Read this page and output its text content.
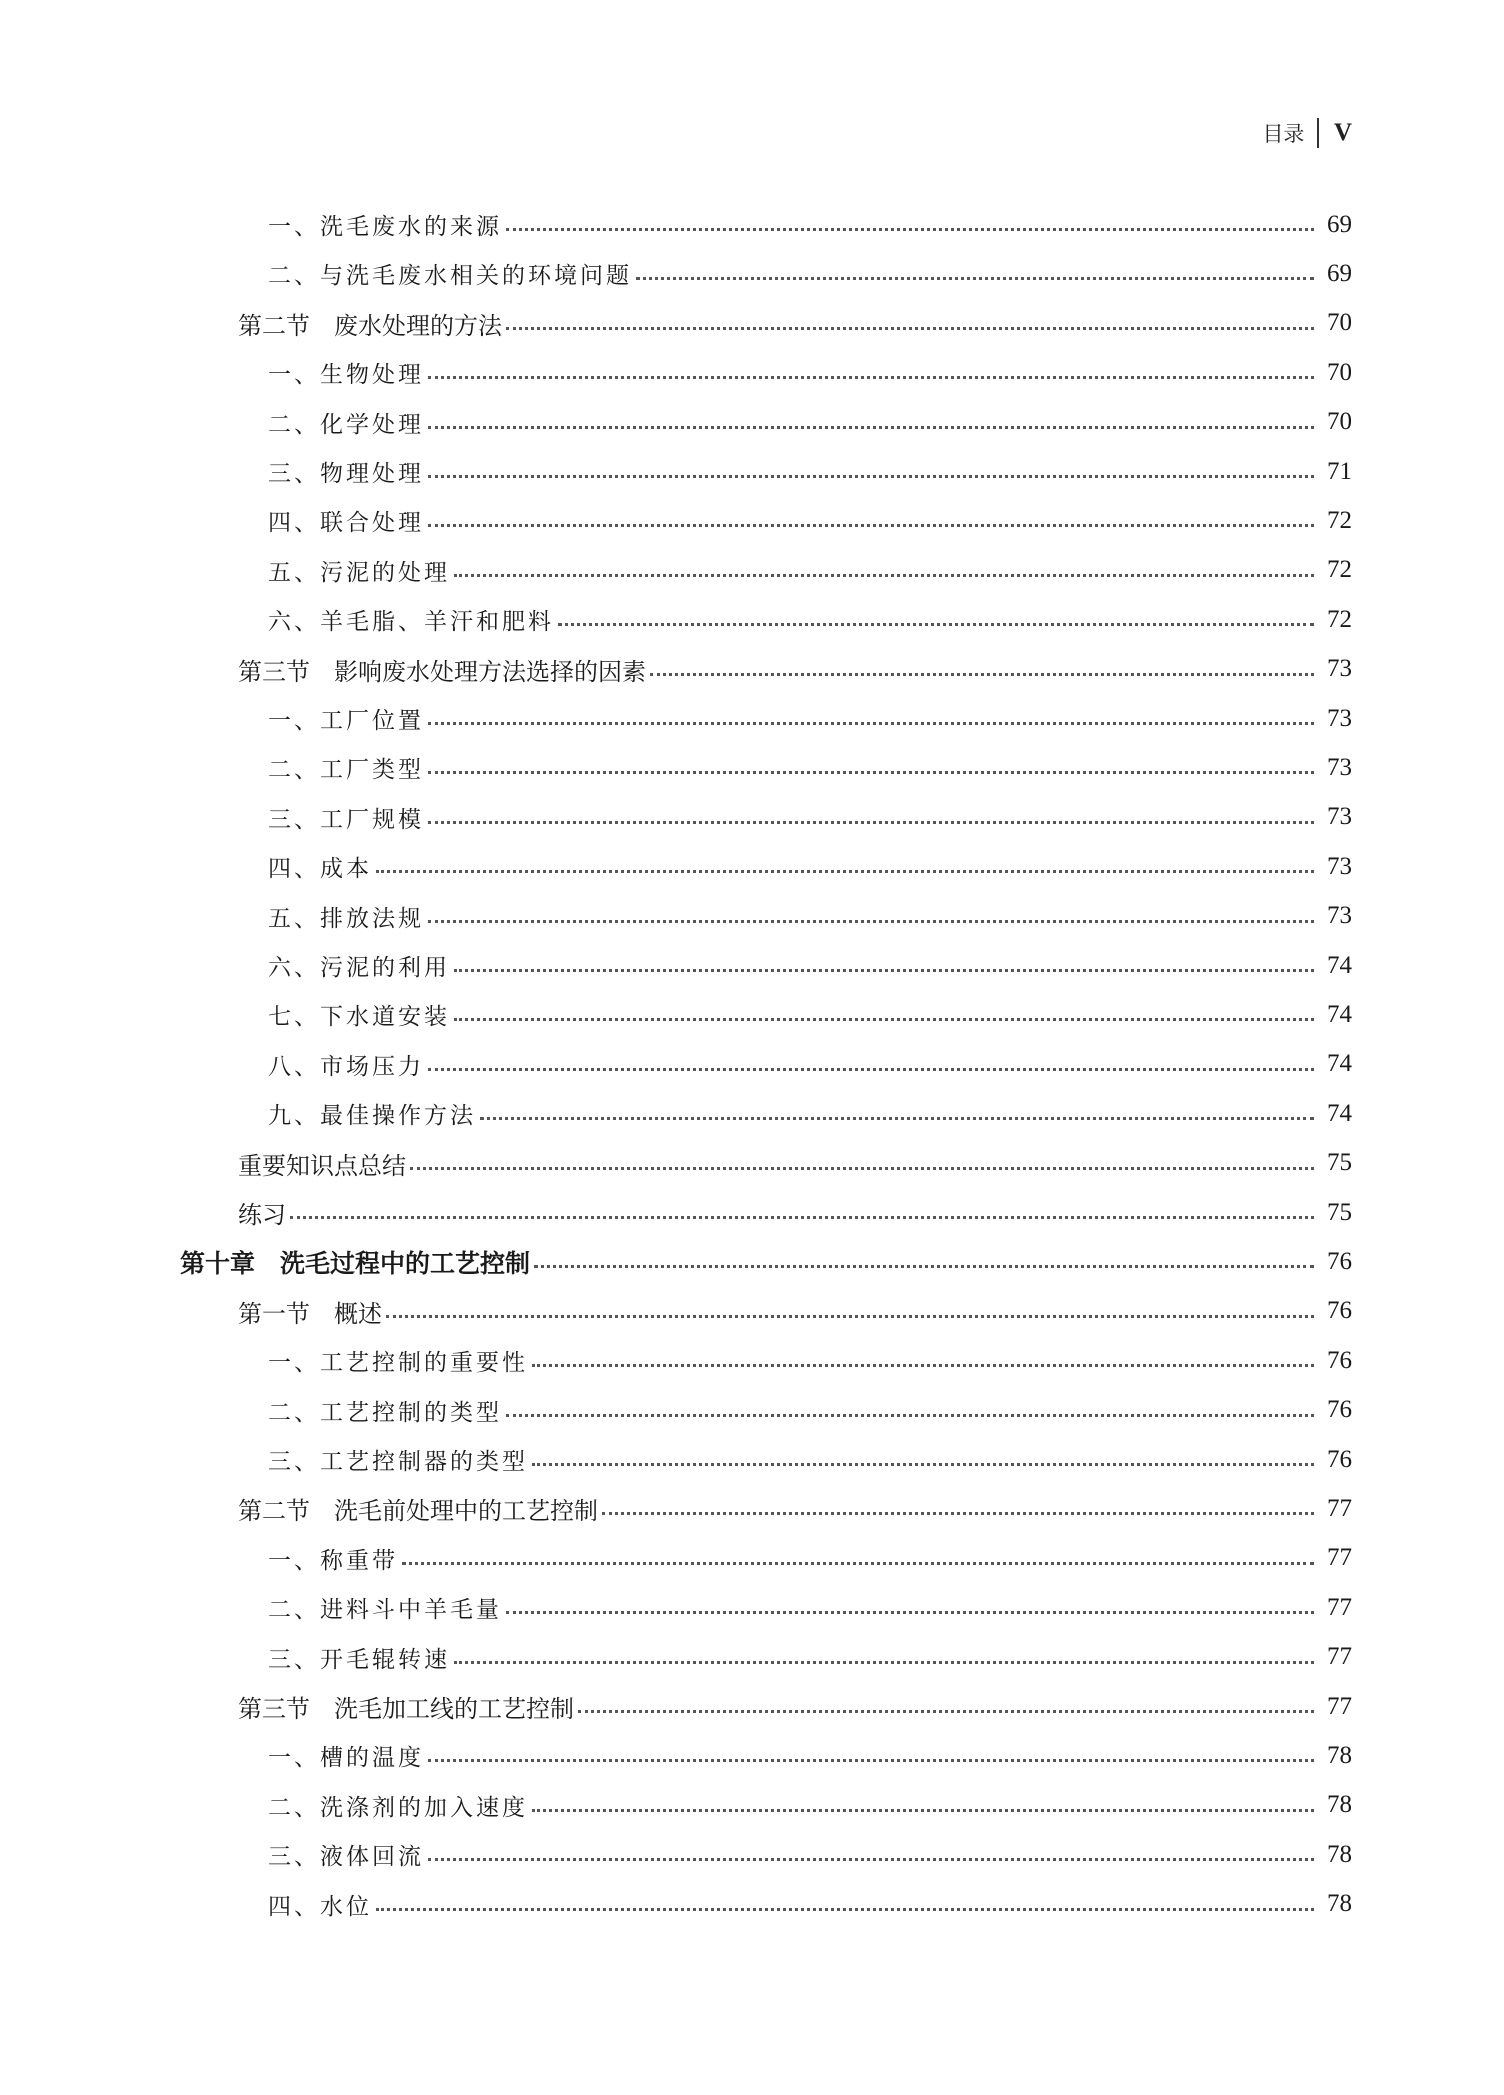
目录 V
一、洗毛废水的来源	69
二、与洗毛废水相关的环境问题	69
第二节　废水处理的方法	70
一、生物处理	70
二、化学处理	70
三、物理处理	71
四、联合处理	72
五、污泥的处理	72
六、羊毛脂、羊汗和肥料	72
第三节　影响废水处理方法选择的因素	73
一、工厂位置	73
二、工厂类型	73
三、工厂规模	73
四、成本	73
五、排放法规	73
六、污泥的利用	74
七、下水道安装	74
八、市场压力	74
九、最佳操作方法	74
重要知识点总结	75
练习	75
第十章　洗毛过程中的工艺控制	76
第一节　概述	76
一、工艺控制的重要性	76
二、工艺控制的类型	76
三、工艺控制器的类型	76
第二节　洗毛前处理中的工艺控制	77
一、称重带	77
二、进料斗中羊毛量	77
三、开毛辊转速	77
第三节　洗毛加工线的工艺控制	77
一、槽的温度	78
二、洗涤剂的加入速度	78
三、液体回流	78
四、水位	78
